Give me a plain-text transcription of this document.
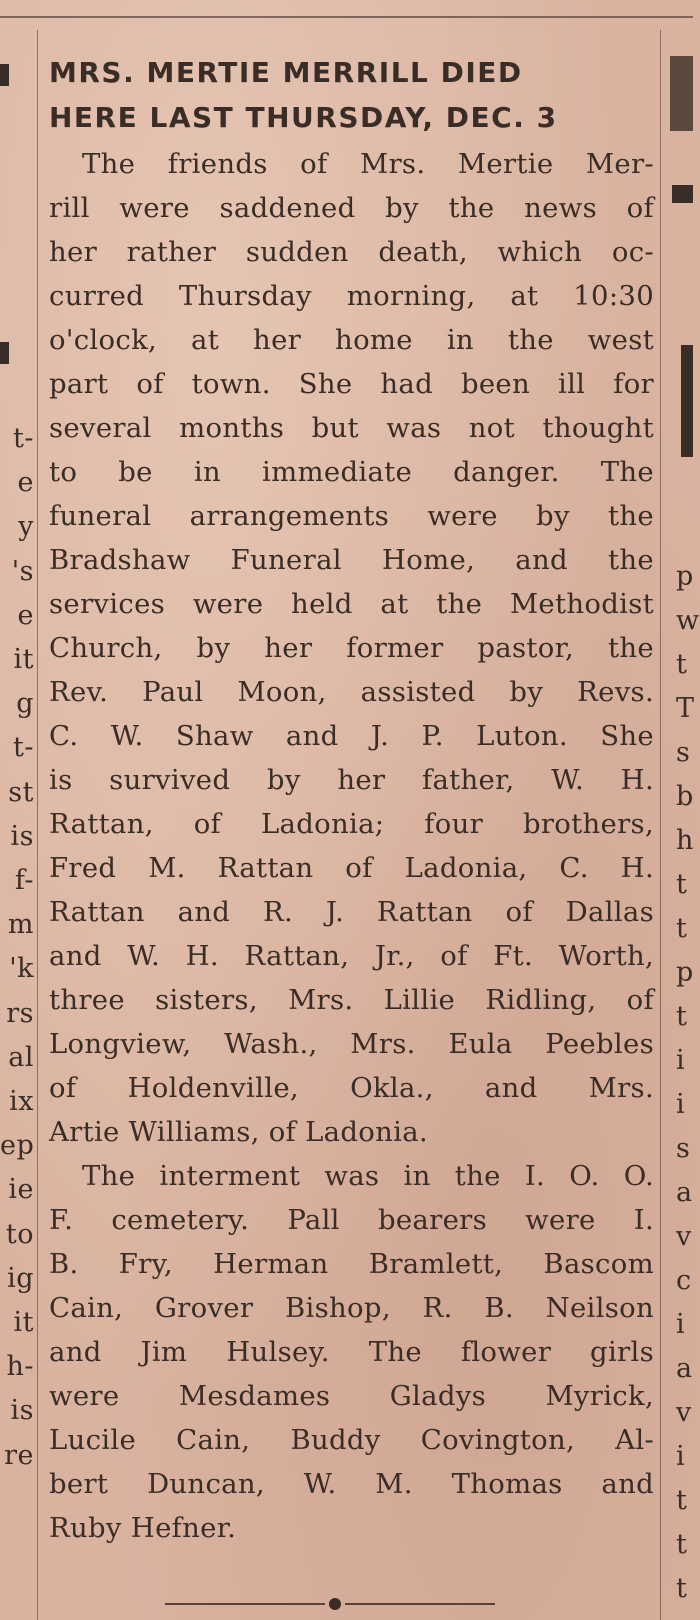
t-
e
y
's
e
it
g
t-
st
is
f-
m
'k
rs
al
ix
ep
ie
to
ig
it
h-
is
re
p
w
t
T
s
b
h
t
t
p
t
i
i
s
a
v
c
i
a
v
i
t
t
t
MRS. MERTIE MERRILL DIED
HERE LAST THURSDAY, DEC. 3
The friends of Mrs. Mertie Mer-
rill were saddened by the news of
her rather sudden death, which oc-
curred Thursday morning, at 10:30
o'clock, at her home in the west
part of town. She had been ill for
several months but was not thought
to be in immediate danger. The
funeral arrangements were by the
Bradshaw Funeral Home, and the
services were held at the Methodist
Church, by her former pastor, the
Rev. Paul Moon, assisted by Revs.
C. W. Shaw and J. P. Luton. She
is survived by her father, W. H.
Rattan, of Ladonia; four brothers,
Fred M. Rattan of Ladonia, C. H.
Rattan and R. J. Rattan of Dallas
and W. H. Rattan, Jr., of Ft. Worth,
three sisters, Mrs. Lillie Ridling, of
Longview, Wash., Mrs. Eula Peebles
of Holdenville, Okla., and Mrs.
Artie Williams, of Ladonia.
The interment was in the I. O. O.
F. cemetery. Pall bearers were I.
B. Fry, Herman Bramlett, Bascom
Cain, Grover Bishop, R. B. Neilson
and Jim Hulsey. The flower girls
were Mesdames Gladys Myrick,
Lucile Cain, Buddy Covington, Al-
bert Duncan, W. M. Thomas and
Ruby Hefner.
